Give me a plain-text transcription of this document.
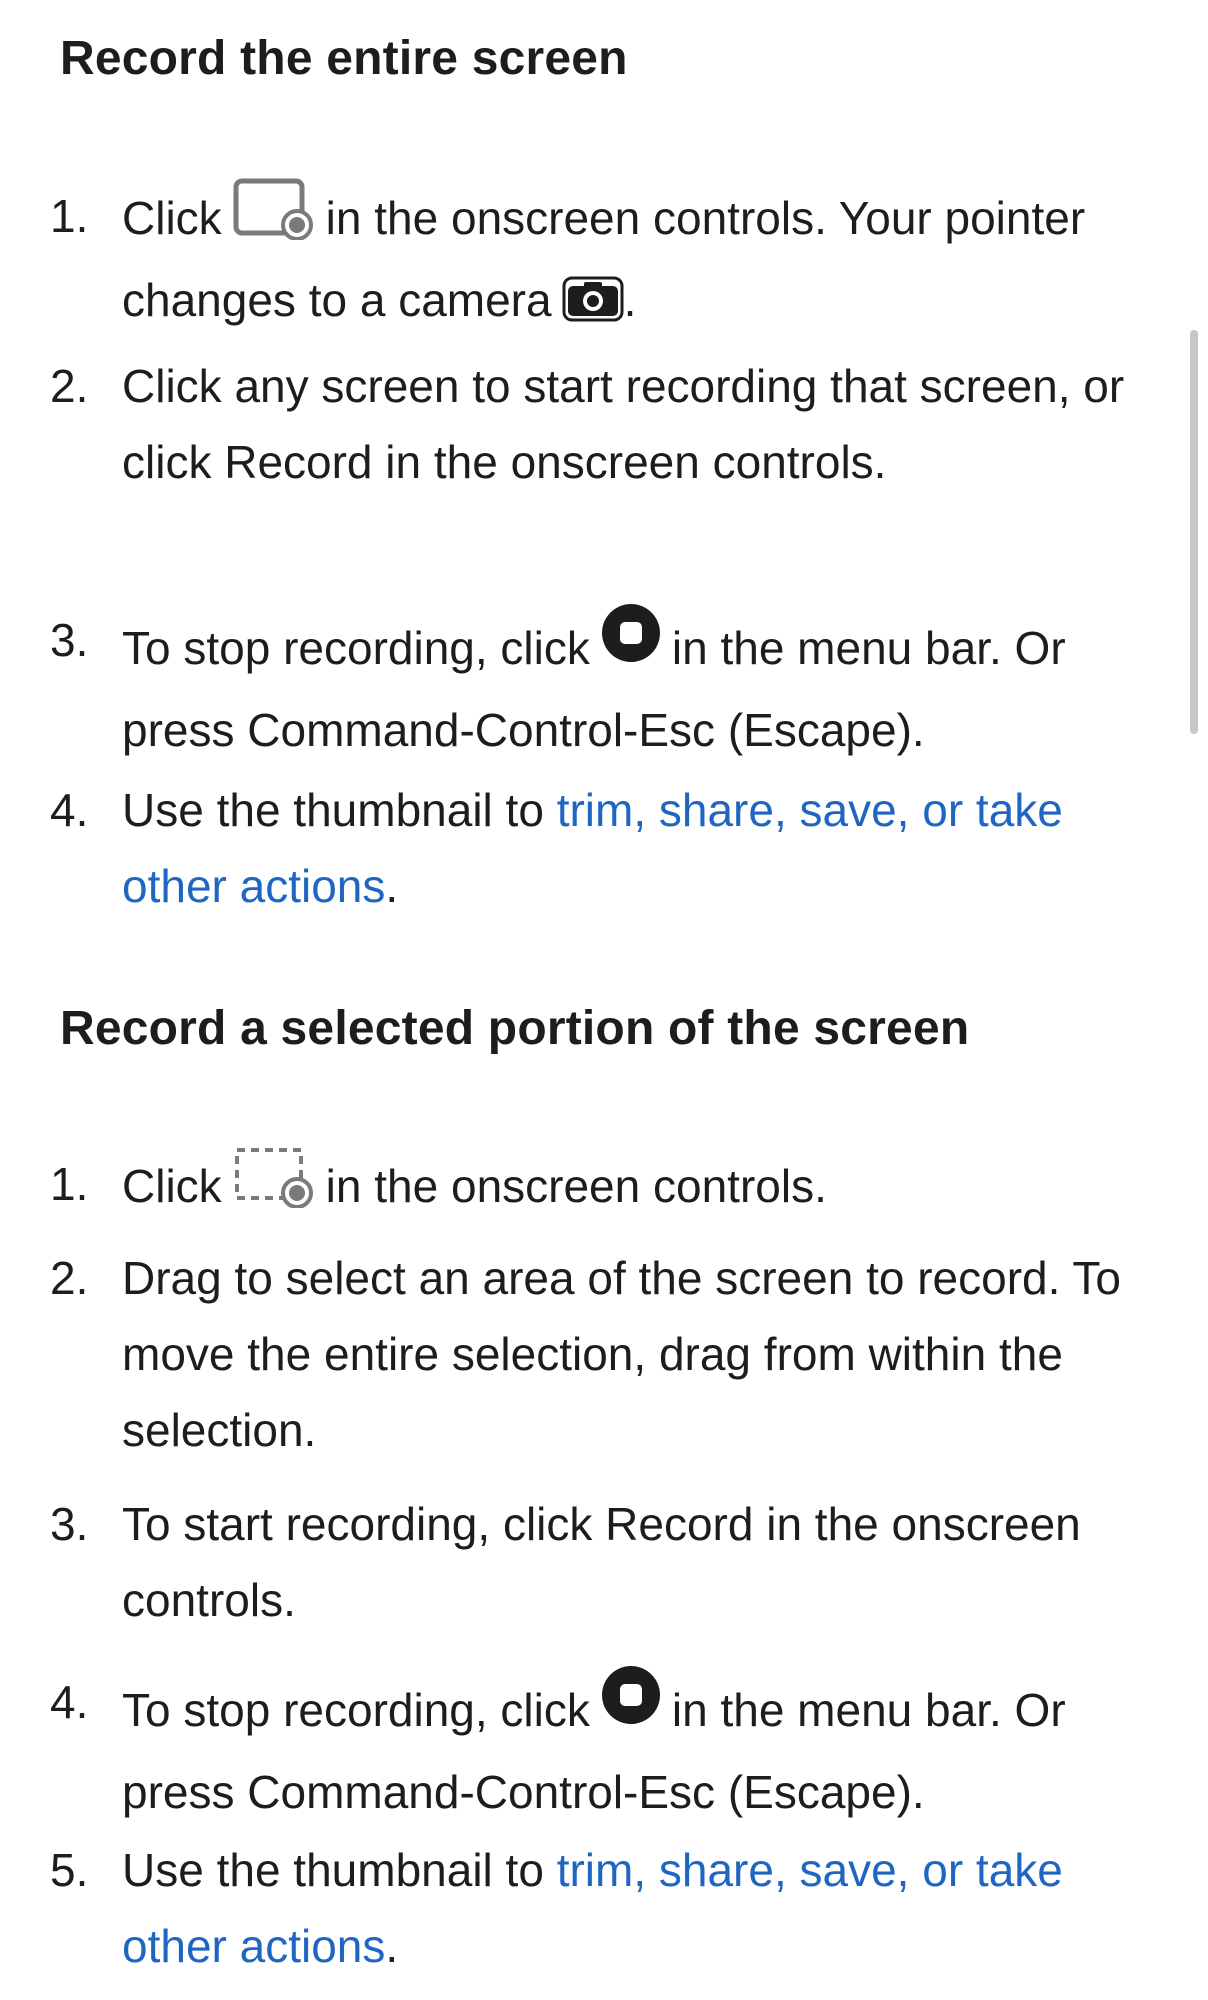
Record the entire screen
1. Click in the onscreen controls. Your pointer changes to a camera .
2. Click any screen to start recording that screen, or click Record in the onscreen controls.
3. To stop recording, click in the menu bar. Or press Command-Control-Esc (Escape).
4. Use the thumbnail to trim, share, save, or take other actions.
Record a selected portion of the screen
1. Click in the onscreen controls.
2. Drag to select an area of the screen to record. To move the entire selection, drag from within the selection.
3. To start recording, click Record in the onscreen controls.
4. To stop recording, click in the menu bar. Or press Command-Control-Esc (Escape).
5. Use the thumbnail to trim, share, save, or take other actions.
